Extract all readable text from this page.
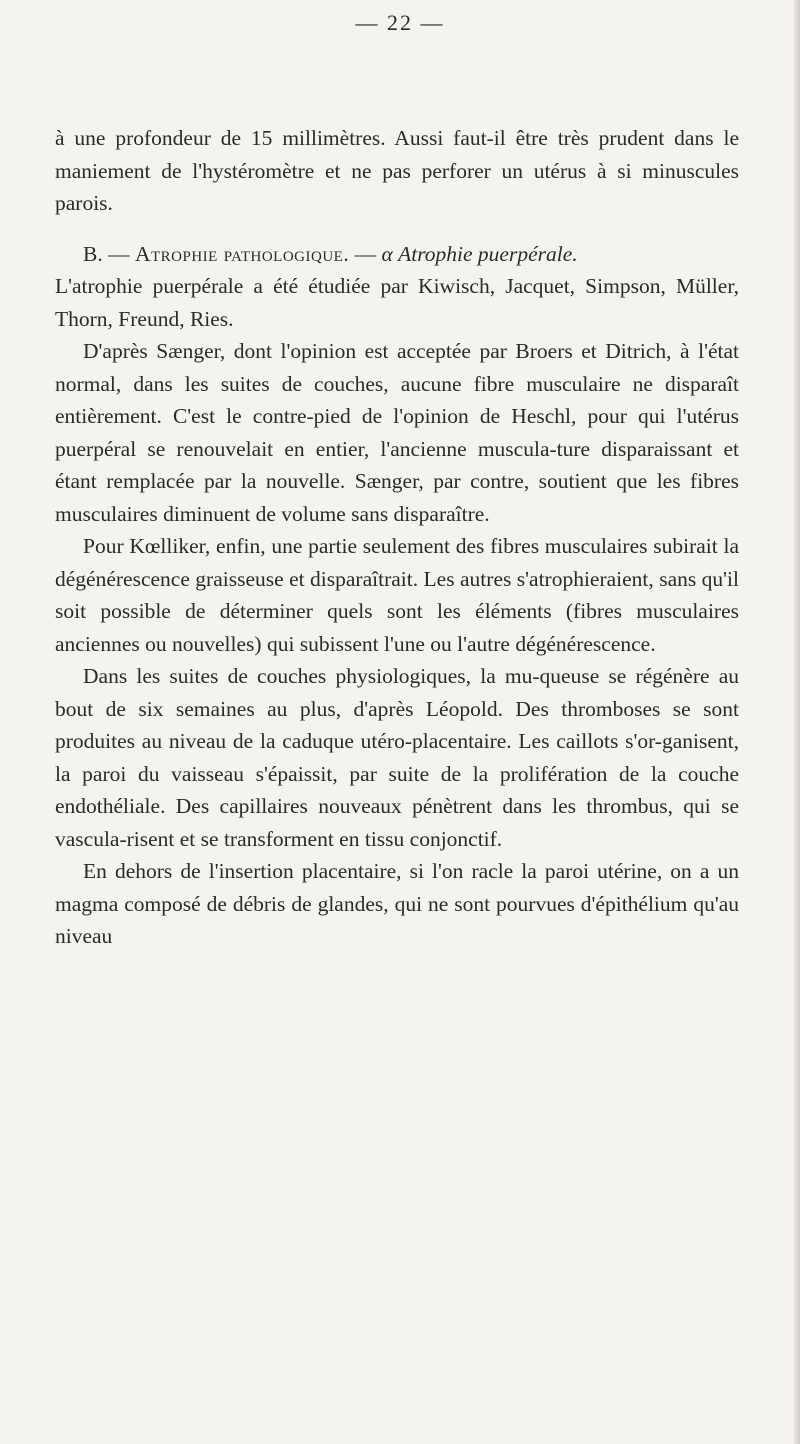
— 22 —

à une profondeur de 15 millimètres. Aussi faut-il être très prudent dans le maniement de l'hystéromètre et ne pas perforer un utérus à si minuscules parois.

B. — Atrophie pathologique. — α Atrophie puerpérale.

L'atrophie puerpérale a été étudiée par Kiwisch, Jacquet, Simpson, Müller, Thorn, Freund, Ries.

D'après Sænger, dont l'opinion est acceptée par Broers et Ditrich, à l'état normal, dans les suites de couches, aucune fibre musculaire ne disparaît entièrement. C'est le contre-pied de l'opinion de Heschl, pour qui l'utérus puerpéral se renouvelait en entier, l'ancienne muscula-ture disparaissant et étant remplacée par la nouvelle. Sænger, par contre, soutient que les fibres musculaires diminuent de volume sans disparaître.

Pour Kœlliker, enfin, une partie seulement des fibres musculaires subirait la dégénérescence graisseuse et disparaîtrait. Les autres s'atrophieraient, sans qu'il soit possible de déterminer quels sont les éléments (fibres musculaires anciennes ou nouvelles) qui subissent l'une ou l'autre dégénérescence.

Dans les suites de couches physiologiques, la mu-queuse se régénère au bout de six semaines au plus, d'après Léopold. Des thromboses se sont produites au niveau de la caduque utéro-placentaire. Les caillots s'or-ganisent, la paroi du vaisseau s'épaissit, par suite de la prolifération de la couche endothéliale. Des capillaires nouveaux pénètrent dans les thrombus, qui se vascula-risent et se transforment en tissu conjonctif.

En dehors de l'insertion placentaire, si l'on racle la paroi utérine, on a un magma composé de débris de glandes, qui ne sont pourvues d'épithélium qu'au niveau
